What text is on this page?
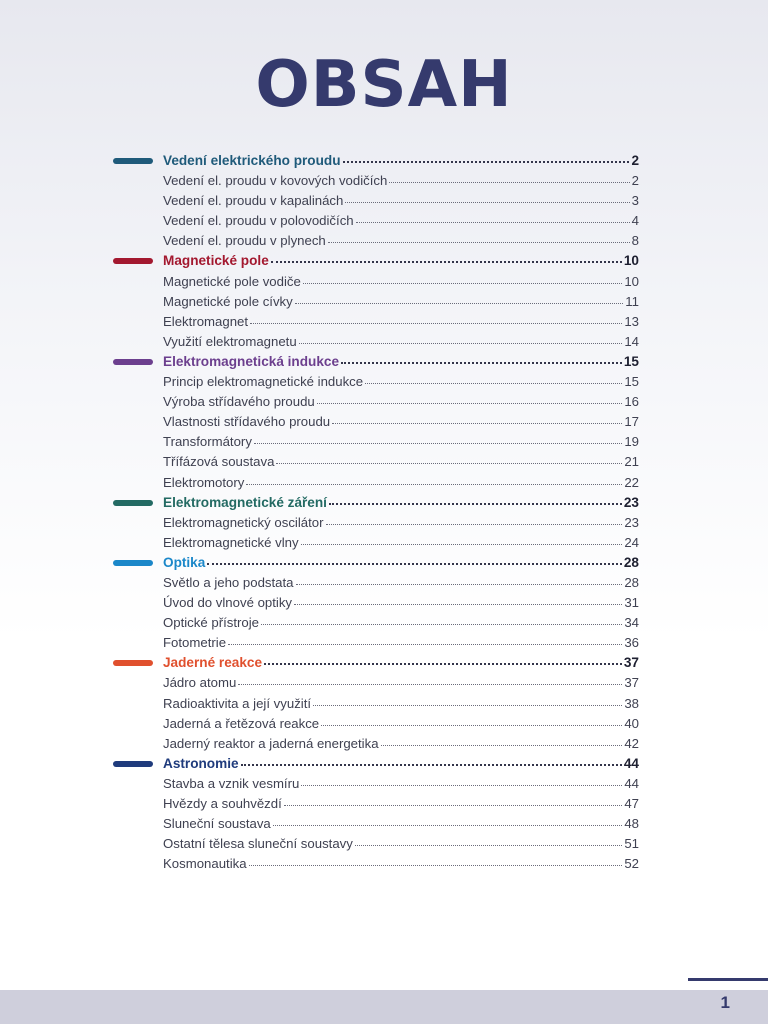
OBSAH
Vedení elektrického proudu	2
Vedení el. proudu v kovových vodičích	2
Vedení el. proudu v kapalinách	3
Vedení el. proudu v polovodičích	4
Vedení el. proudu v plynech	8
Magnetické pole	10
Magnetické pole vodiče	10
Magnetické pole cívky	11
Elektromagnet	13
Využití elektromagnetu	14
Elektromagnetická indukce	15
Princip elektromagnetické indukce	15
Výroba střídavého proudu	16
Vlastnosti střídavého proudu	17
Transformátory	19
Třífázová soustava	21
Elektromotory	22
Elektromagnetické záření	23
Elektromagnetický oscilátor	23
Elektromagnetické vlny	24
Optika	28
Světlo a jeho podstata	28
Úvod do vlnové optiky	31
Optické přístroje	34
Fotometrie	36
Jaderné reakce	37
Jádro atomu	37
Radioaktivita a její využití	38
Jaderná a řetězová reakce	40
Jaderný reaktor a jaderná energetika	42
Astronomie	44
Stavba a vznik vesmíru	44
Hvězdy a souhvězdí	47
Sluneční soustava	48
Ostatní tělesa sluneční soustavy	51
Kosmonautika	52
1
